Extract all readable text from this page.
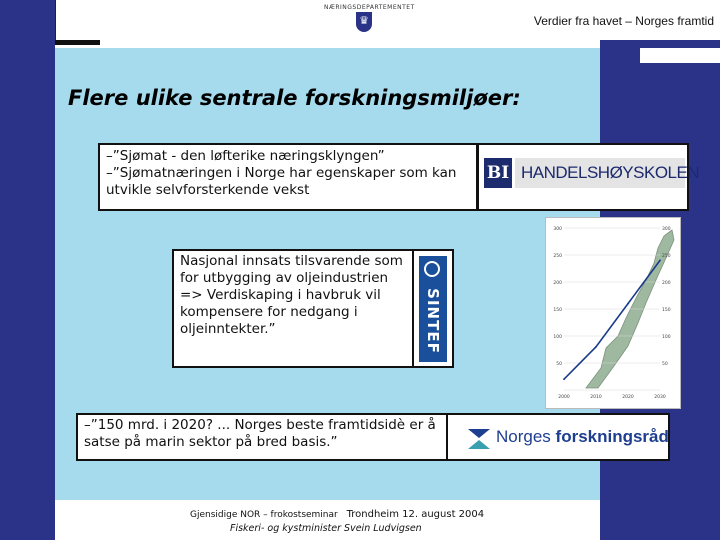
NÆRINGSDEPARTEMENTET
♛	Verdier fra havet – Norges framtid
Flere ulike sentrale forskningsmiljøer:
–”Sjømat - den løfterike næringsklyngen”
–”Sjømatnæringen i Norge har egenskaper som kan utvikle selvforsterkende vekst
BI HANDELSHØYSKOLEN
Nasjonal innsats tilsvarende som for utbygging av oljeindustrien => Verdiskaping i havbruk vil kompensere for nedgang i oljeinntekter.”	SINTEF
–”150 mrd. i 2020? ... Norges beste framtidsidè er å satse på marin sektor på bred basis.”	Norges forskningsråd
50
100
150
200
250
300
50
100
150
200
250
300
2000	2010	2020	2030
Gjensidige NOR – frokostseminar Trondheim 12. august 2004
Fiskeri- og kystminister Svein Ludvigsen
